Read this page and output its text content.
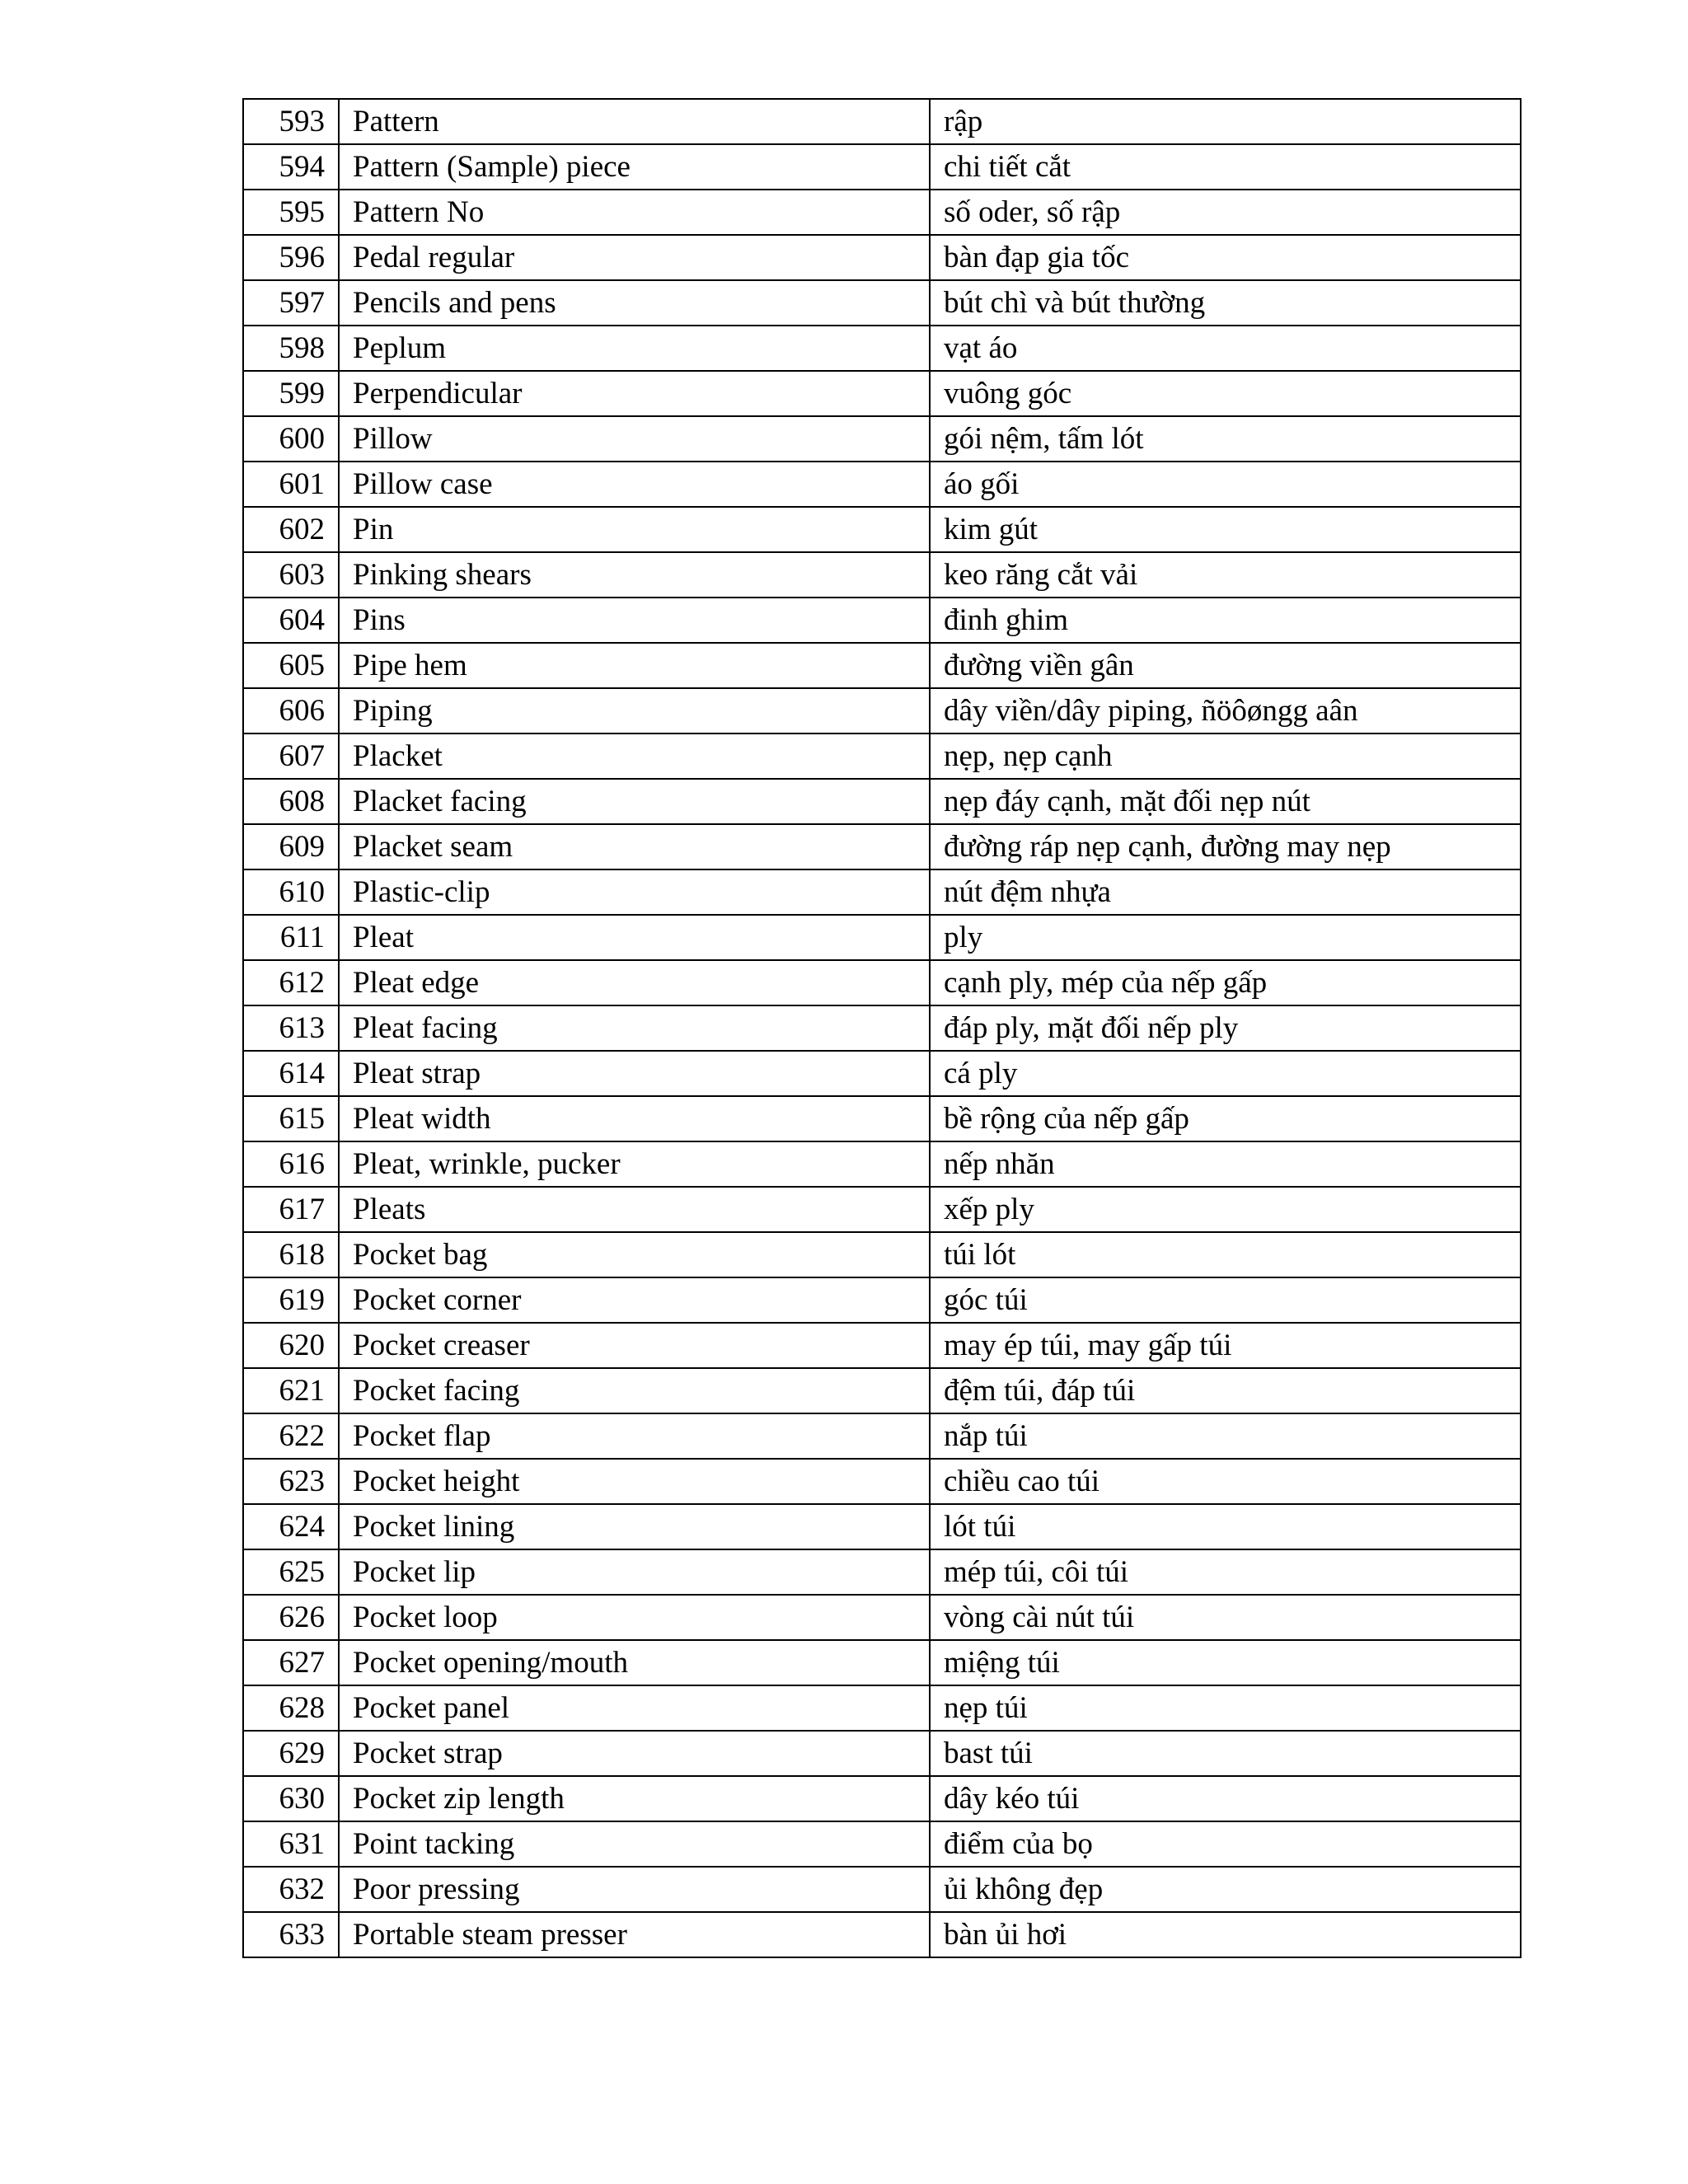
593	Pattern	rập
594	Pattern (Sample) piece	chi tiết cắt
595	Pattern No	số oder, số rập
596	Pedal regular	bàn đạp gia tốc
597	Pencils and pens	bút chì và bút thường
598	Peplum	vạt áo
599	Perpendicular	vuông góc
600	Pillow	gói nệm, tấm lót
601	Pillow case	áo gối
602	Pin	kim gút
603	Pinking shears	keo răng cắt vải
604	Pins	đinh ghim
605	Pipe hem	đường viền gân
606	Piping	dây viền/dây piping, ñöôøngg aân
607	Placket	nẹp, nẹp cạnh
608	Placket facing	nẹp đáy cạnh, mặt đối nẹp nút
609	Placket seam	đường ráp nẹp cạnh, đường may nẹp
610	Plastic-clip	nút đệm nhựa
611	Pleat	ply
612	Pleat edge	cạnh ply, mép của nếp gấp
613	Pleat facing	đáp ply, mặt đối nếp ply
614	Pleat strap	cá ply
615	Pleat width	bề rộng của nếp gấp
616	Pleat, wrinkle, pucker	nếp nhăn
617	Pleats	xếp ply
618	Pocket bag	túi lót
619	Pocket corner	góc túi
620	Pocket creaser	may ép túi, may gấp túi
621	Pocket facing	đệm túi, đáp túi
622	Pocket flap	nắp túi
623	Pocket height	chiều cao túi
624	Pocket lining	lót túi
625	Pocket lip	mép túi, côi túi
626	Pocket loop	vòng cài nút túi
627	Pocket opening/mouth	miệng túi
628	Pocket panel	nẹp túi
629	Pocket strap	bast túi
630	Pocket zip length	dây kéo túi
631	Point tacking	điểm của bọ
632	Poor pressing	ủi không đẹp
633	Portable steam presser	bàn ủi hơi
